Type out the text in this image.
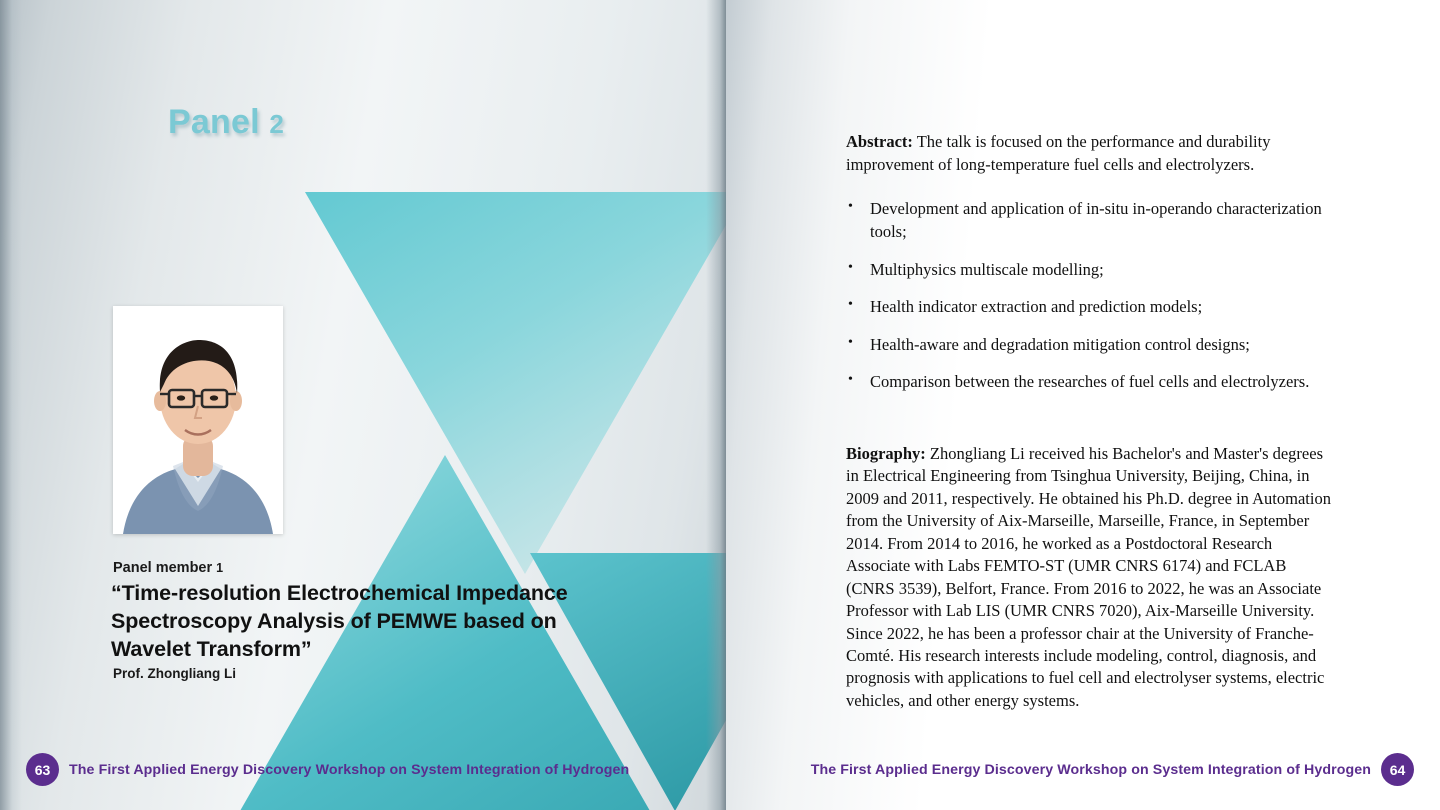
Panel 2
Panel member 1
“Time-resolution Electrochemical Impedance Spectroscopy Analysis of PEMWE based on Wavelet Transform”
Prof. Zhongliang Li
63	The First Applied Energy Discovery Workshop on System Integration of Hydrogen
Abstract: The talk is focused on the performance and durability improvement of long-temperature fuel cells and electrolyzers.
• Development and application of in-situ in-operando characterization tools;
• Multiphysics multiscale modelling;
• Health indicator extraction and prediction models;
• Health-aware and degradation mitigation control designs;
• Comparison between the researches of fuel cells and electrolyzers.
Biography: Zhongliang Li received his Bachelor's and Master's degrees in Electrical Engineering from Tsinghua University, Beijing, China, in 2009 and 2011, respectively. He obtained his Ph.D. degree in Automation from the University of Aix-Marseille, Marseille, France, in September 2014. From 2014 to 2016, he worked as a Postdoctoral Research Associate with Labs FEMTO-ST (UMR CNRS 6174) and FCLAB (CNRS 3539), Belfort, France. From 2016 to 2022, he was an Associate Professor with Lab LIS (UMR CNRS 7020), Aix-Marseille University. Since 2022, he has been a professor chair at the University of Franche-Comté. His research interests include modeling, control, diagnosis, and prognosis with applications to fuel cell and electrolyser systems, electric vehicles, and other energy systems.
The First Applied Energy Discovery Workshop on System Integration of Hydrogen	64
